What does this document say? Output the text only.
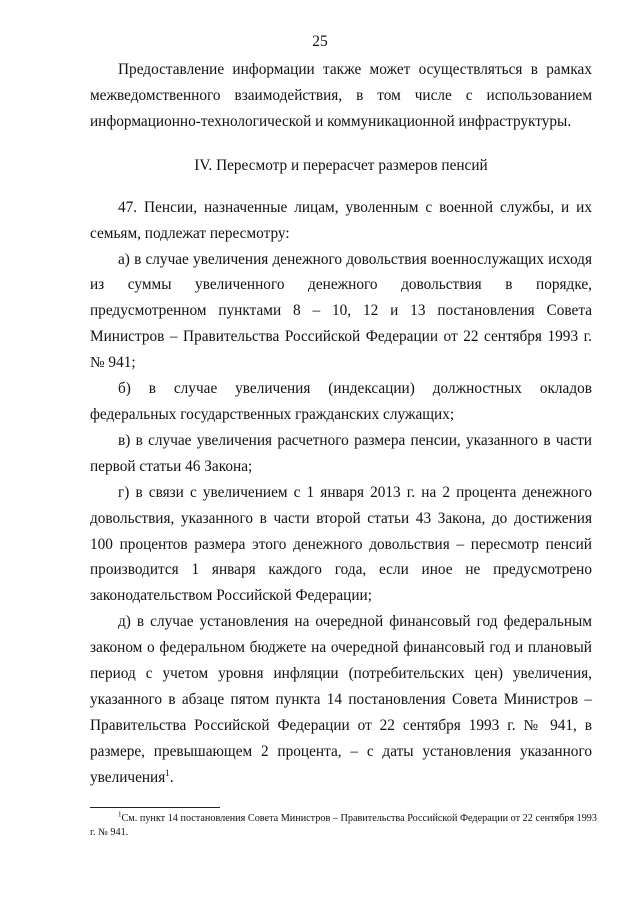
25

Предоставление информации также может осуществляться в рамках межведомственного взаимодействия, в том числе с использованием информационно-технологической и коммуникационной инфраструктуры.

IV. Пересмотр и перерасчет размеров пенсий

47. Пенсии, назначенные лицам, уволенным с военной службы, и их семьям, подлежат пересмотру:

а) в случае увеличения денежного довольствия военнослужащих исходя из суммы увеличенного денежного довольствия в порядке, предусмотренном пунктами 8 – 10, 12 и 13 постановления Совета Министров – Правительства Российской Федерации от 22 сентября 1993 г. № 941;

б) в случае увеличения (индексации) должностных окладов федеральных государственных гражданских служащих;

в) в случае увеличения расчетного размера пенсии, указанного в части первой статьи 46 Закона;

г) в связи с увеличением с 1 января 2013 г. на 2 процента денежного довольствия, указанного в части второй статьи 43 Закона, до достижения 100 процентов размера этого денежного довольствия – пересмотр пенсий производится 1 января каждого года, если иное не предусмотрено законодательством Российской Федерации;

д) в случае установления на очередной финансовый год федеральным законом о федеральном бюджете на очередной финансовый год и плановый период с учетом уровня инфляции (потребительских цен) увеличения, указанного в абзаце пятом пункта 14 постановления Совета Министров – Правительства Российской Федерации от 22 сентября 1993 г. № 941, в размере, превышающем 2 процента, – с даты установления указанного увеличения$^1$.

$^1$См. пункт 14 постановления Совета Министров – Правительства Российской Федерации от 22 сентября 1993 г. № 941.
